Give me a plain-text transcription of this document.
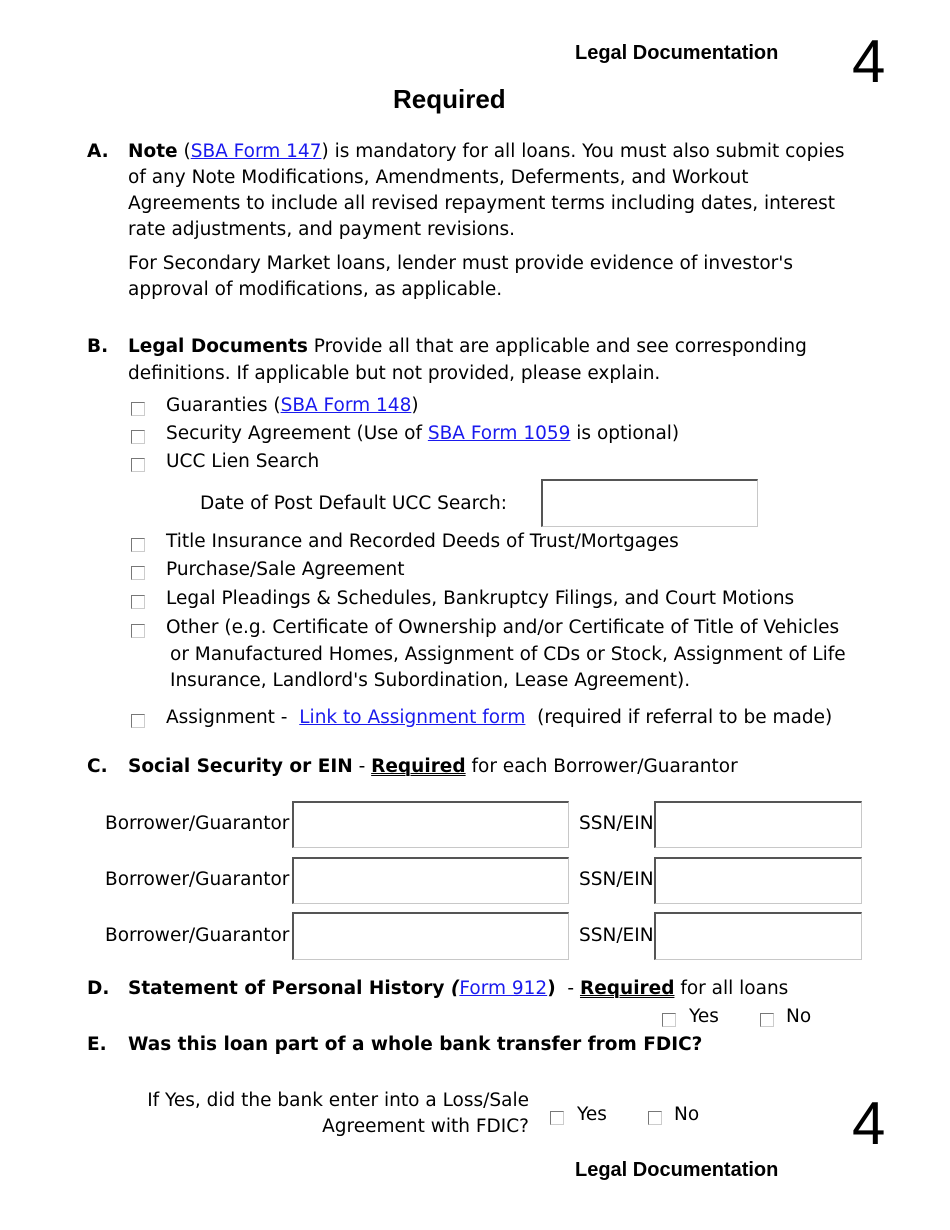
Legal Documentation 4
Required
A. Note (SBA Form 147) is mandatory for all loans. You must also submit copies
of any Note Modifications, Amendments, Deferments, and Workout
Agreements to include all revised repayment terms including dates, interest
rate adjustments, and payment revisions.
For Secondary Market loans, lender must provide evidence of investor's
approval of modifications, as applicable.
B. Legal Documents Provide all that are applicable and see corresponding
definitions. If applicable but not provided, please explain.
Guaranties (SBA Form 148)
Security Agreement (Use of SBA Form 1059 is optional)
UCC Lien Search
Date of Post Default UCC Search:
Title Insurance and Recorded Deeds of Trust/Mortgages
Purchase/Sale Agreement
Legal Pleadings & Schedules, Bankruptcy Filings, and Court Motions
Other (e.g. Certificate of Ownership and/or Certificate of Title of Vehicles
or Manufactured Homes, Assignment of CDs or Stock, Assignment of Life
Insurance, Landlord's Subordination, Lease Agreement).
Assignment -  Link to Assignment form  (required if referral to be made)
C. Social Security or EIN - Required for each Borrower/Guarantor
Borrower/Guarantor	SSN/EIN
Borrower/Guarantor	SSN/EIN
Borrower/Guarantor	SSN/EIN
D. Statement of Personal History (Form 912)  - Required for all loans
Yes	No
E. Was this loan part of a whole bank transfer from FDIC?
If Yes, did the bank enter into a Loss/Sale
Agreement with FDIC?
Yes	No	4
Legal Documentation
